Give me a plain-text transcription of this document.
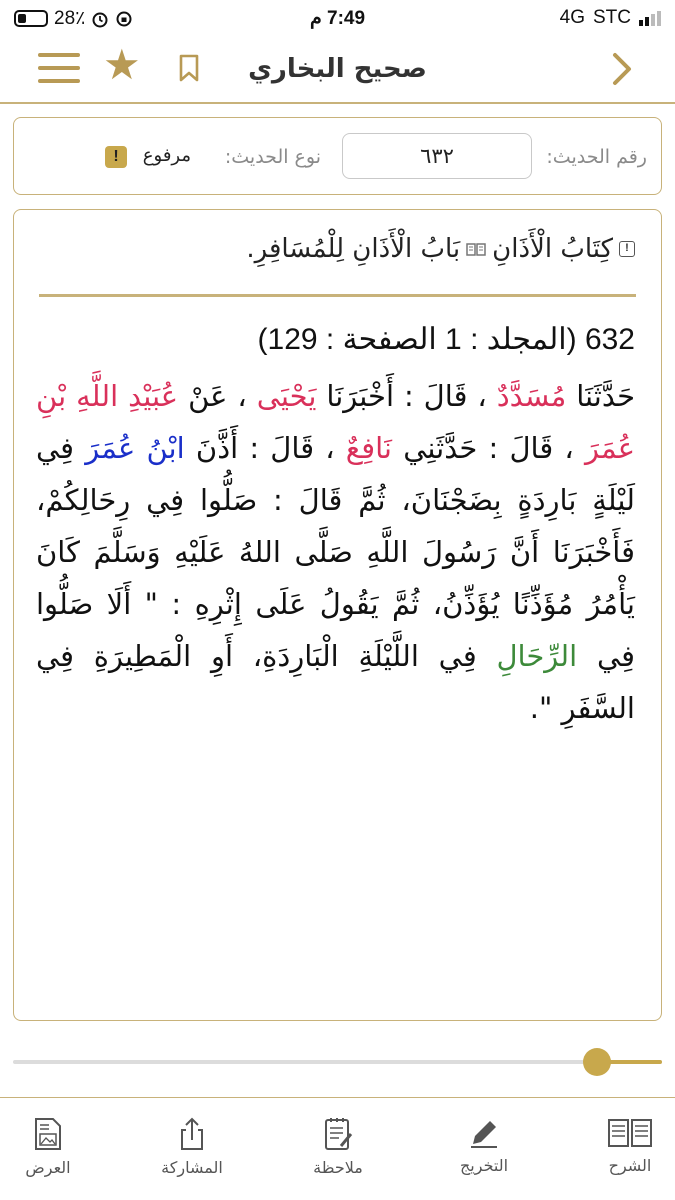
28٪	7:49 م	4G STC
★	صحيح البخاري
رقم الحديث:
٦٣٢
نوع الحديث:
مرفوع
!
!
كِتَابُ الْأَذَانِ
بَابُ الْأَذَانِ لِلْمُسَافِرِ.
632 (المجلد : 1 الصفحة : 129)
حَدَّثَنَا مُسَدَّدٌ ، قَالَ : أَخْبَرَنَا يَحْيَى ، عَنْ عُبَيْدِ اللَّهِ بْنِ عُمَرَ ، قَالَ : حَدَّثَنِي نَافِعٌ ، قَالَ : أَذَّنَ ابْنُ عُمَرَ فِي لَيْلَةٍ بَارِدَةٍ بِضَجْنَانَ، ثُمَّ قَالَ : صَلُّوا فِي رِحَالِكُمْ، فَأَخْبَرَنَا أَنَّ رَسُولَ اللَّهِ صَلَّى اللهُ عَلَيْهِ وَسَلَّمَ كَانَ يَأْمُرُ مُؤَذِّنًا يُؤَذِّنُ، ثُمَّ يَقُولُ عَلَى إِثْرِهِ : " أَلَا صَلُّوا فِي الرِّحَالِ فِي اللَّيْلَةِ الْبَارِدَةِ، أَوِ الْمَطِيرَةِ فِي السَّفَرِ ".
الشرح
التخريج
ملاحظة
المشاركة
العرض
